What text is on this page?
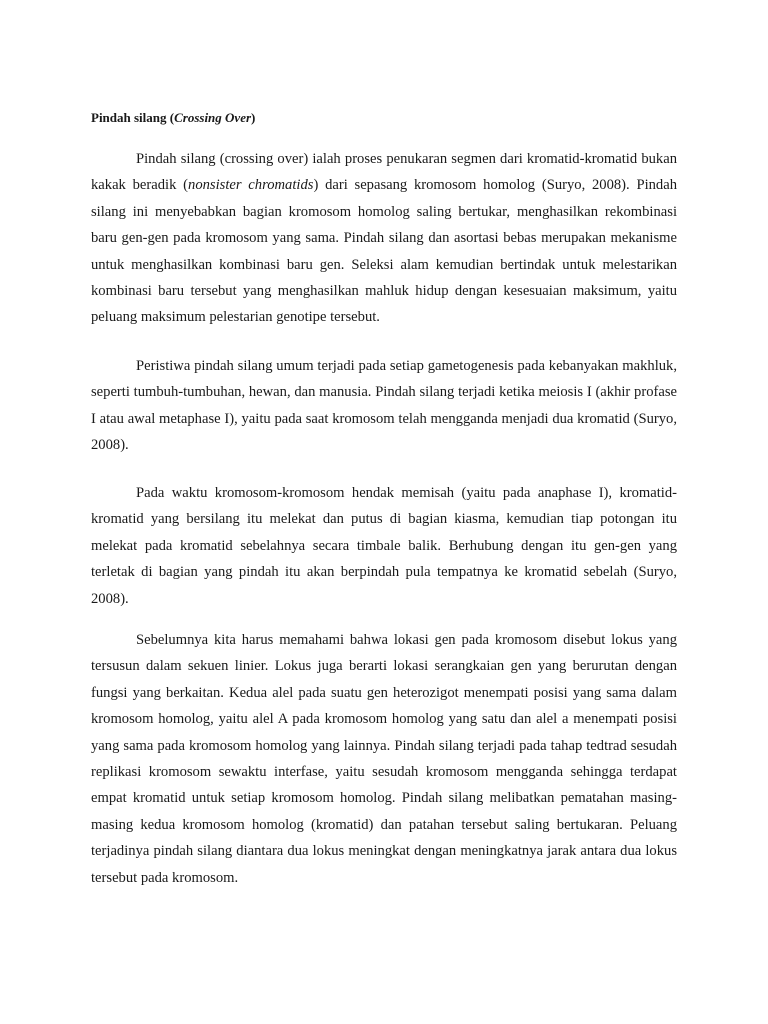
Pindah silang (Crossing Over)

Pindah silang (crossing over) ialah proses penukaran segmen dari kromatid-kromatid bukan kakak beradik (nonsister chromatids) dari sepasang kromosom homolog (Suryo, 2008). Pindah silang ini menyebabkan bagian kromosom homolog saling bertukar, menghasilkan rekombinasi baru gen-gen pada kromosom yang sama. Pindah silang dan asortasi bebas merupakan mekanisme untuk menghasilkan kombinasi baru gen. Seleksi alam kemudian bertindak untuk melestarikan kombinasi baru tersebut yang menghasilkan mahluk hidup dengan kesesuaian maksimum, yaitu peluang maksimum pelestarian genotipe tersebut.

Peristiwa pindah silang umum terjadi pada setiap gametogenesis pada kebanyakan makhluk, seperti tumbuh-tumbuhan, hewan, dan manusia. Pindah silang terjadi ketika meiosis I (akhir profase I atau awal metaphase I), yaitu pada saat kromosom telah mengganda menjadi dua kromatid (Suryo, 2008).

Pada waktu kromosom-kromosom hendak memisah (yaitu pada anaphase I), kromatid-kromatid yang bersilang itu melekat dan putus di bagian kiasma, kemudian tiap potongan itu melekat pada kromatid sebelahnya secara timbale balik. Berhubung dengan itu gen-gen yang terletak di bagian yang pindah itu akan berpindah pula tempatnya ke kromatid sebelah (Suryo, 2008).

Sebelumnya kita harus memahami bahwa lokasi gen pada kromosom disebut lokus yang tersusun dalam sekuen linier. Lokus juga berarti lokasi serangkaian gen yang berurutan dengan fungsi yang berkaitan. Kedua alel pada suatu gen heterozigot menempati posisi yang sama dalam kromosom homolog, yaitu alel A pada kromosom homolog yang satu dan alel a menempati posisi yang sama pada kromosom homolog yang lainnya. Pindah silang terjadi pada tahap tedtrad sesudah replikasi kromosom sewaktu interfase, yaitu sesudah kromosom mengganda sehingga terdapat empat kromatid untuk setiap kromosom homolog. Pindah silang melibatkan pematahan masing-masing kedua kromosom homolog (kromatid) dan patahan tersebut saling bertukaran. Peluang terjadinya pindah silang diantara dua lokus meningkat dengan meningkatnya jarak antara dua lokus tersebut pada kromosom.
